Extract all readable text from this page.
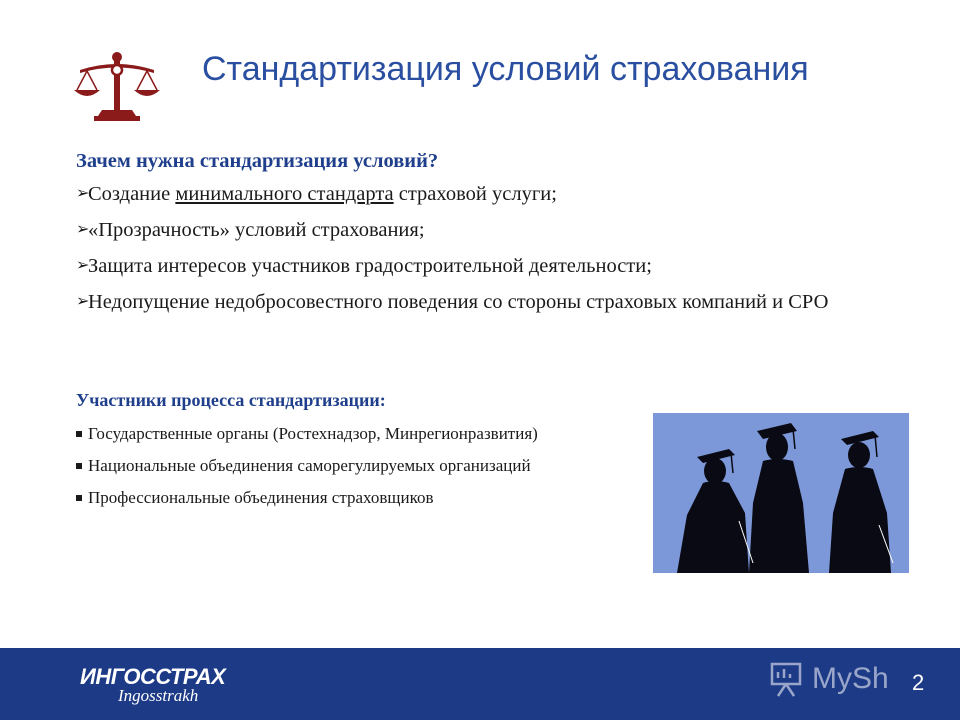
Стандартизация условий страхования
Зачем нужна стандартизация условий?
➢
Создание минимального стандарта страховой услуги;
➢
«Прозрачность» условий страхования;
➢
Защита интересов участников градостроительной деятельности;
➢
Недопущение недобросовестного поведения со стороны страховых компаний и СРО
Участники процесса стандартизации:
Государственные органы (Ростехнадзор, Минрегионразвития)
Национальные объединения саморегулируемых организаций
Профессиональные объединения страховщиков
ИНГОССТРАХ
Ingosstrakh
MySh 2
